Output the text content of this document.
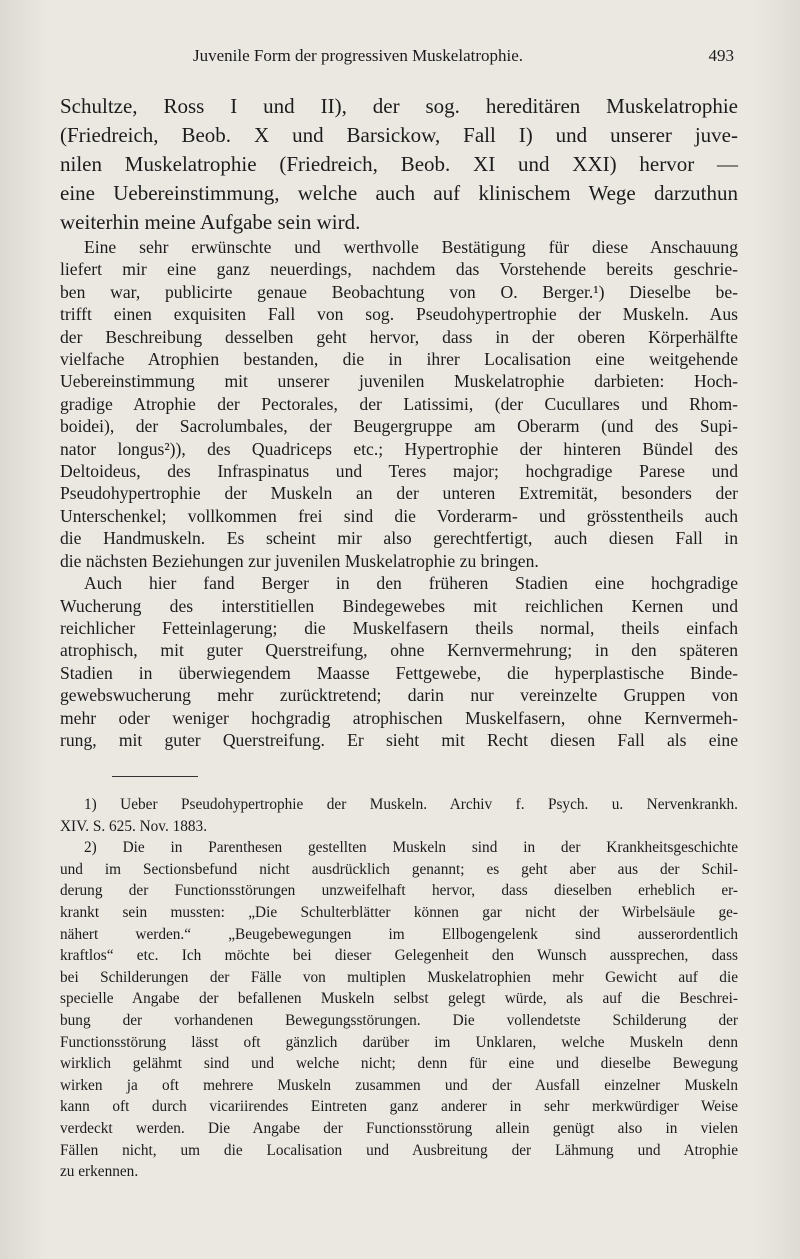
Juvenile Form der progressiven Muskelatrophie.	493
Schultze, Ross I und II), der sog. hereditären Muskelatrophie
(Friedreich, Beob. X und Barsickow, Fall I) und unserer juve-
nilen Muskelatrophie (Friedreich, Beob. XI und XXI) hervor —
eine Uebereinstimmung, welche auch auf klinischem Wege darzuthun
weiterhin meine Aufgabe sein wird.
Eine sehr erwünschte und werthvolle Bestätigung für diese Anschauung
liefert mir eine ganz neuerdings, nachdem das Vorstehende bereits geschrie-
ben war, publicirte genaue Beobachtung von O. Berger.¹) Dieselbe be-
trifft einen exquisiten Fall von sog. Pseudohypertrophie der Muskeln. Aus
der Beschreibung desselben geht hervor, dass in der oberen Körperhälfte
vielfache Atrophien bestanden, die in ihrer Localisation eine weitgehende
Uebereinstimmung mit unserer juvenilen Muskelatrophie darbieten: Hoch-
gradige Atrophie der Pectorales, der Latissimi, (der Cucullares und Rhom-
boidei), der Sacrolumbales, der Beugergruppe am Oberarm (und des Supi-
nator longus²)), des Quadriceps etc.; Hypertrophie der hinteren Bündel des
Deltoideus, des Infraspinatus und Teres major; hochgradige Parese und
Pseudohypertrophie der Muskeln an der unteren Extremität, besonders der
Unterschenkel; vollkommen frei sind die Vorderarm- und grösstentheils auch
die Handmuskeln. Es scheint mir also gerechtfertigt, auch diesen Fall in
die nächsten Beziehungen zur juvenilen Muskelatrophie zu bringen.
Auch hier fand Berger in den früheren Stadien eine hochgradige
Wucherung des interstitiellen Bindegewebes mit reichlichen Kernen und
reichlicher Fetteinlagerung; die Muskelfasern theils normal, theils einfach
atrophisch, mit guter Querstreifung, ohne Kernvermehrung; in den späteren
Stadien in überwiegendem Maasse Fettgewebe, die hyperplastische Binde-
gewebswucherung mehr zurücktretend; darin nur vereinzelte Gruppen von
mehr oder weniger hochgradig atrophischen Muskelfasern, ohne Kernvermeh-
rung, mit guter Querstreifung. Er sieht mit Recht diesen Fall als eine
1) Ueber Pseudohypertrophie der Muskeln. Archiv f. Psych. u. Nervenkrankh.
XIV. S. 625. Nov. 1883.
2) Die in Parenthesen gestellten Muskeln sind in der Krankheitsgeschichte
und im Sectionsbefund nicht ausdrücklich genannt; es geht aber aus der Schil-
derung der Functionsstörungen unzweifelhaft hervor, dass dieselben erheblich er-
krankt sein mussten: „Die Schulterblätter können gar nicht der Wirbelsäule ge-
nähert werden.“ „Beugebewegungen im Ellbogengelenk sind ausserordentlich
kraftlos“ etc. Ich möchte bei dieser Gelegenheit den Wunsch aussprechen, dass
bei Schilderungen der Fälle von multiplen Muskelatrophien mehr Gewicht auf die
specielle Angabe der befallenen Muskeln selbst gelegt würde, als auf die Beschrei-
bung der vorhandenen Bewegungsstörungen. Die vollendetste Schilderung der
Functionsstörung lässt oft gänzlich darüber im Unklaren, welche Muskeln denn
wirklich gelähmt sind und welche nicht; denn für eine und dieselbe Bewegung
wirken ja oft mehrere Muskeln zusammen und der Ausfall einzelner Muskeln
kann oft durch vicariirendes Eintreten ganz anderer in sehr merkwürdiger Weise
verdeckt werden. Die Angabe der Functionsstörung allein genügt also in vielen
Fällen nicht, um die Localisation und Ausbreitung der Lähmung und Atrophie
zu erkennen.
